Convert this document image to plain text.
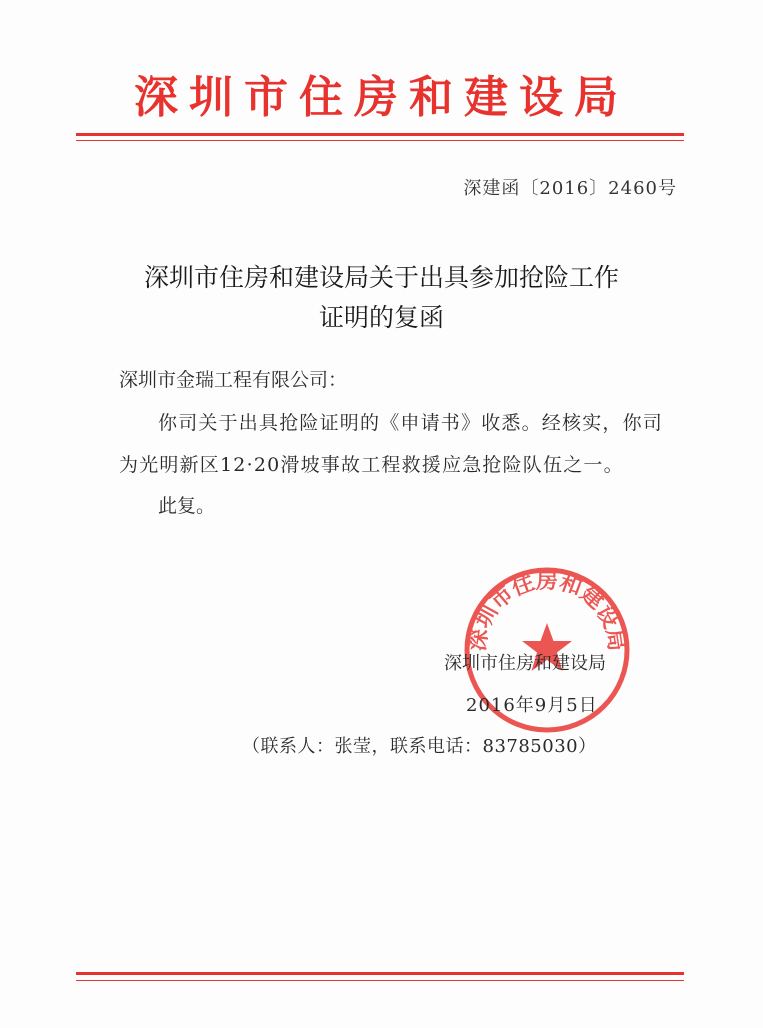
深圳市住房和建设局
深建函〔2016〕2460号
深圳市住房和建设局关于出具参加抢险工作
证明的复函
深圳市金瑞工程有限公司：
你司关于出具抢险证明的《申请书》收悉。经核实，你司
为光明新区12·20滑坡事故工程救援应急抢险队伍之一。
此复。
深圳市住房和建设局
深圳市住房和建设局
2016年9月5日
（联系人：张莹，联系电话：83785030）
